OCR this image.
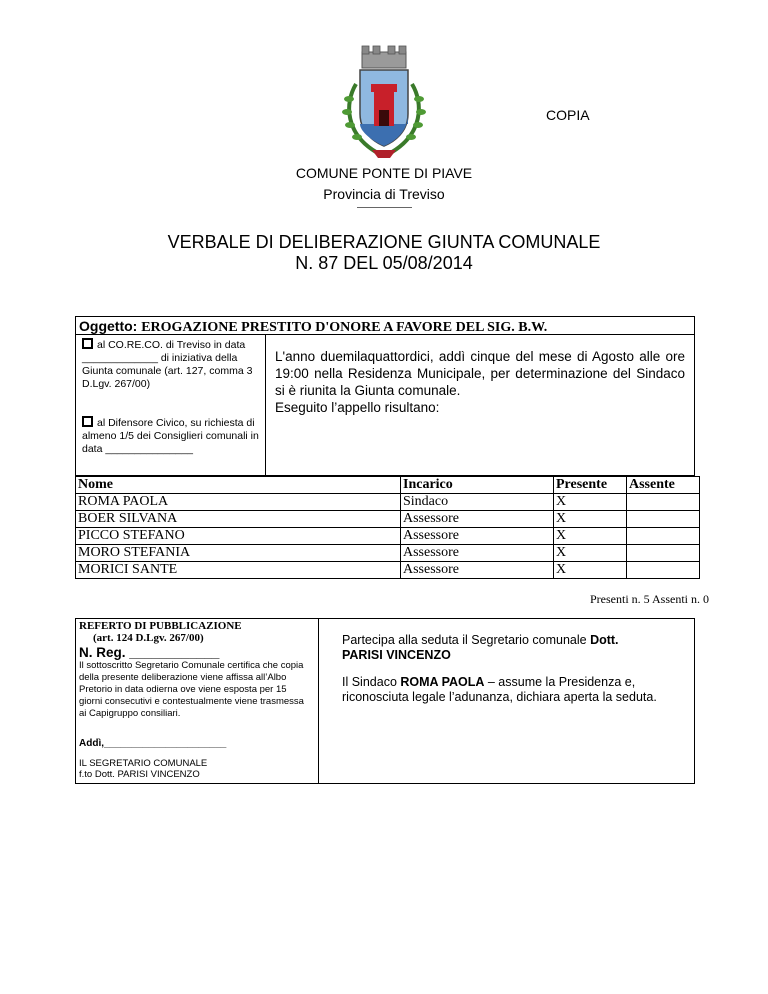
COPIA
COMUNE PONTE DI PIAVE
Provincia di Treviso
VERBALE DI DELIBERAZIONE GIUNTA COMUNALE
N. 87 DEL 05/08/2014
Oggetto: EROGAZIONE PRESTITO D'ONORE A FAVORE DEL SIG. B.W.
al CO.RE.CO. di Treviso in data _____________ di iniziativa della Giunta comunale (art. 127, comma 3 D.Lgv. 267/00)
al Difensore Civico, su richiesta di almeno 1/5 dei Consiglieri comunali in data _______________
L'anno duemilaquattordici, addì cinque del mese di Agosto alle ore 19:00 nella Residenza Municipale, per determinazione del Sindaco si è riunita la Giunta comunale.
Eseguito l’appello risultano:
Nome	Incarico	Presente	Assente
ROMA PAOLA	Sindaco	X	
BOER SILVANA	Assessore	X	
PICCO STEFANO	Assessore	X	
MORO STEFANIA	Assessore	X	
MORICI SANTE	Assessore	X	
Presenti n. 5 Assenti n. 0
REFERTO DI PUBBLICAZIONE
(art. 124 D.Lgv. 267/00)
N. Reg. ____________
Il sottoscritto Segretario Comunale certifica che copia della presente deliberazione viene affissa all’Albo Pretorio in data odierna ove viene esposta per 15 giorni consecutivi e contestualmente viene trasmessa ai Capigruppo consiliari.
Addì,______________________
IL SEGRETARIO COMUNALE
f.to Dott. PARISI VINCENZO
Partecipa alla seduta il Segretario comunale Dott. PARISI VINCENZO
Il Sindaco ROMA PAOLA – assume la Presidenza e, riconosciuta legale l’adunanza, dichiara aperta la seduta.
